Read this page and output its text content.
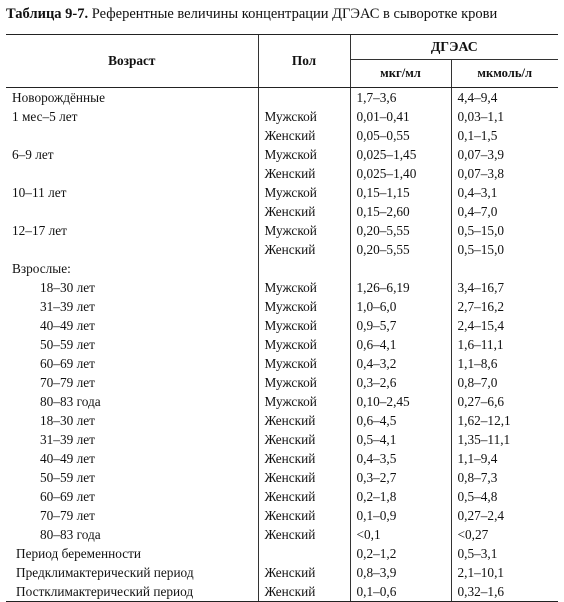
Таблица 9-7. Референтные величины концентрации ДГЭАС в сыворотке крови
Возраст	Пол	ДГЭАС	
		мкг/мл	мкмоль/л
Новорождённые		1,7–3,6	4,4–9,4
1 мес–5 лет	Мужской	0,01–0,41	0,03–1,1
	Женский	0,05–0,55	0,1–1,5
6–9 лет	Мужской	0,025–1,45	0,07–3,9
	Женский	0,025–1,40	0,07–3,8
10–11 лет	Мужской	0,15–1,15	0,4–3,1
	Женский	0,15–2,60	0,4–7,0
12–17 лет	Мужской	0,20–5,55	0,5–15,0
	Женский	0,20–5,55	0,5–15,0
Взрослые:			
18–30 лет	Мужской	1,26–6,19	3,4–16,7
31–39 лет	Мужской	1,0–6,0	2,7–16,2
40–49 лет	Мужской	0,9–5,7	2,4–15,4
50–59 лет	Мужской	0,6–4,1	1,6–11,1
60–69 лет	Мужской	0,4–3,2	1,1–8,6
70–79 лет	Мужской	0,3–2,6	0,8–7,0
80–83 года	Мужской	0,10–2,45	0,27–6,6
18–30 лет	Женский	0,6–4,5	1,62–12,1
31–39 лет	Женский	0,5–4,1	1,35–11,1
40–49 лет	Женский	0,4–3,5	1,1–9,4
50–59 лет	Женский	0,3–2,7	0,8–7,3
60–69 лет	Женский	0,2–1,8	0,5–4,8
70–79 лет	Женский	0,1–0,9	0,27–2,4
80–83 года	Женский	<0,1	<0,27
Период беременности		0,2–1,2	0,5–3,1
Предклимактерический период	Женский	0,8–3,9	2,1–10,1
Постклимактерический период	Женский	0,1–0,6	0,32–1,6
